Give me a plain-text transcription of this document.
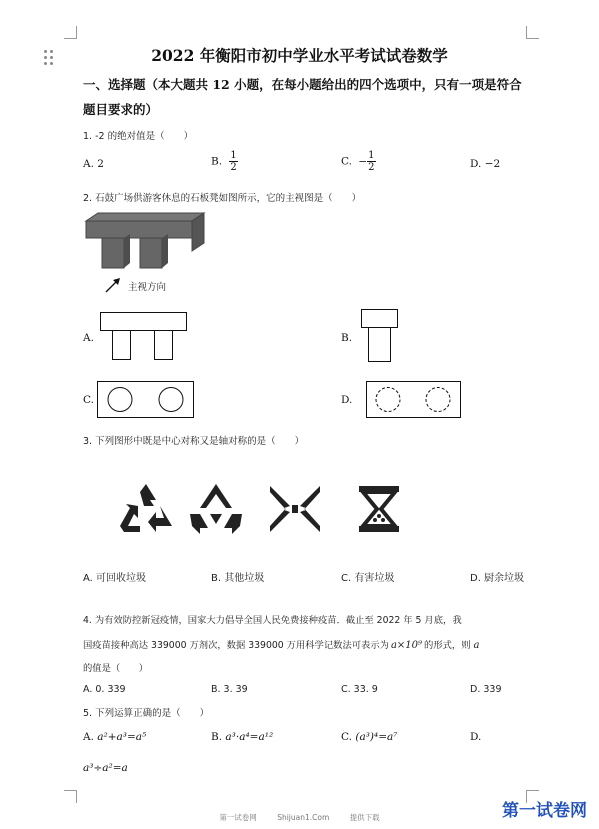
2022 年衡阳市初中学业水平考试试卷数学
一、选择题（本大题共 12 小题，在每小题给出的四个选项中，只有一项是符合
题目要求的）
1. -2 的绝对值是（　　）
A. 2	B. $\frac{1}{2}$	C. − $\frac{1}{2}$	D. −2
2. 石鼓广场供游客休息的石板凳如图所示，它的主视图是（　　）
主视方向
A.	B.
C.	D.
3. 下列图形中既是中心对称又是轴对称的是（　　）
A. 可回收垃圾	B. 其他垃圾	C. 有害垃圾	D. 厨余垃圾
4. 为有效防控新冠疫情，国家大力倡导全国人民免费接种疫苗．截止至 2022 年 5 月底，我
国疫苗接种高达 339000 万剂次，数据 339000 万用科学记数法可表示为 a×10⁹ 的形式，则 a
的值是（　　）
A. 0. 339	B. 3. 39	C. 33. 9	D. 339
5. 下列运算正确的是（　　）
A. a²+a³=a⁵	B. a³·a⁴=a¹²	C. (a³)⁴=a⁷	D.
a³÷a²=a
第一试卷网	Shijuan1.Com	提供下载	第一试卷网
